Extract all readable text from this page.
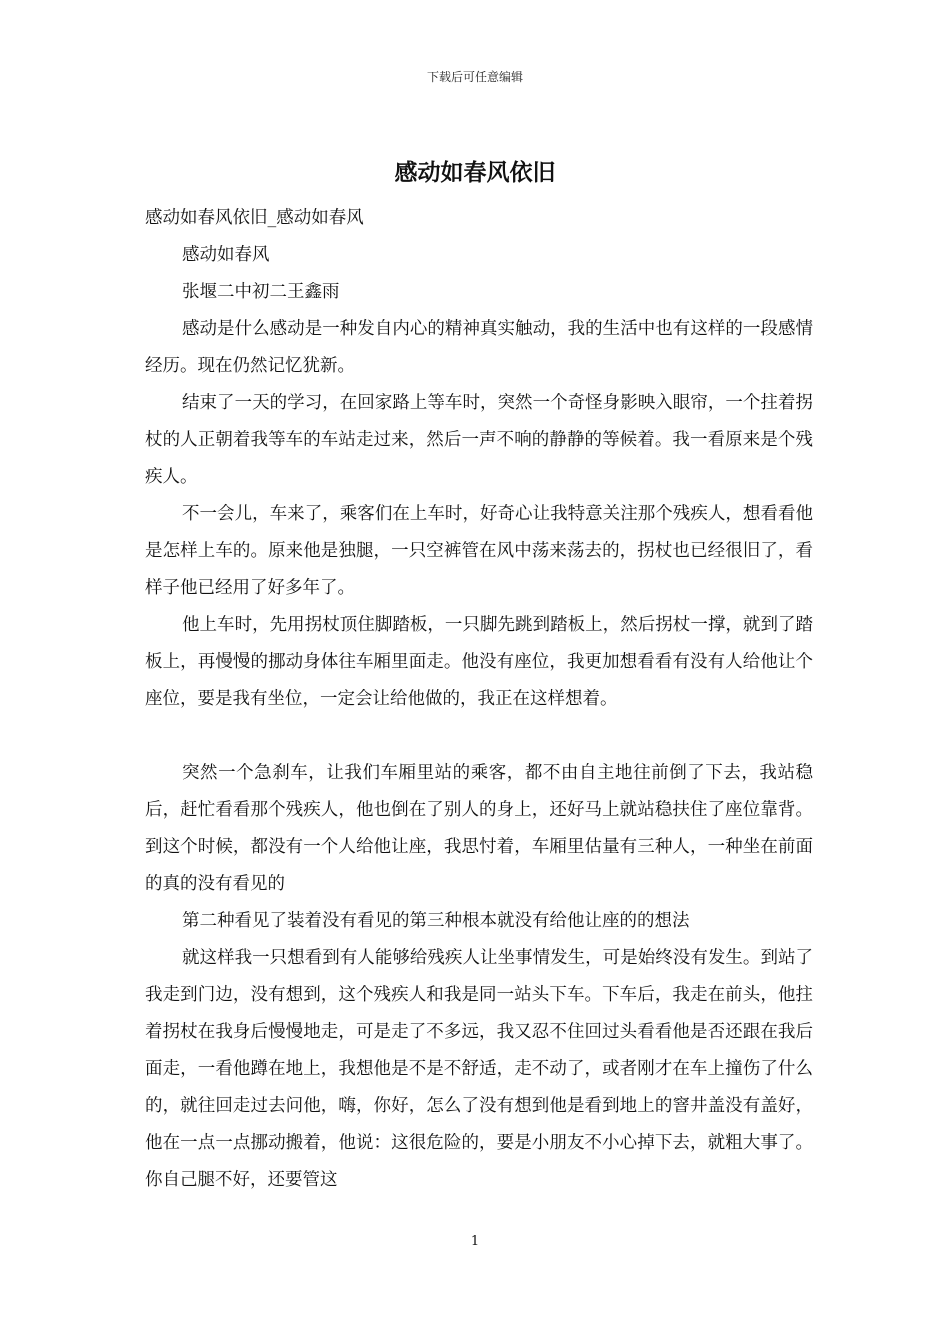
下载后可任意编辑
感动如春风依旧

感动如春风依旧_感动如春风

感动如春风

张堰二中初二王鑫雨

感动是什么感动是一种发自内心的精神真实触动，我的生活中也有这样的一段感情经历。现在仍然记忆犹新。

结束了一天的学习，在回家路上等车时，突然一个奇怪身影映入眼帘，一个拄着拐杖的人正朝着我等车的车站走过来，然后一声不响的静静的等候着。我一看原来是个残疾人。

不一会儿，车来了，乘客们在上车时，好奇心让我特意关注那个残疾人，想看看他是怎样上车的。原来他是独腿，一只空裤管在风中荡来荡去的，拐杖也已经很旧了，看样子他已经用了好多年了。

他上车时，先用拐杖顶住脚踏板，一只脚先跳到踏板上，然后拐杖一撑，就到了踏板上，再慢慢的挪动身体往车厢里面走。他没有座位，我更加想看看有没有人给他让个座位，要是我有坐位，一定会让给他做的，我正在这样想着。

突然一个急刹车，让我们车厢里站的乘客，都不由自主地往前倒了下去，我站稳后，赶忙看看那个残疾人，他也倒在了别人的身上，还好马上就站稳扶住了座位靠背。到这个时候，都没有一个人给他让座，我思忖着，车厢里估量有三种人，一种坐在前面的真的没有看见的

第二种看见了装着没有看见的第三种根本就没有给他让座的的想法

就这样我一只想看到有人能够给残疾人让坐事情发生，可是始终没有发生。到站了我走到门边，没有想到，这个残疾人和我是同一站头下车。下车后，我走在前头，他拄着拐杖在我身后慢慢地走，可是走了不多远，我又忍不住回过头看看他是否还跟在我后面走，一看他蹲在地上，我想他是不是不舒适，走不动了，或者刚才在车上撞伤了什么的，就往回走过去问他，嗨，你好，怎么了没有想到他是看到地上的窨井盖没有盖好，他在一点一点挪动搬着，他说：这很危险的，要是小朋友不小心掉下去，就粗大事了。你自己腿不好，还要管这

1
